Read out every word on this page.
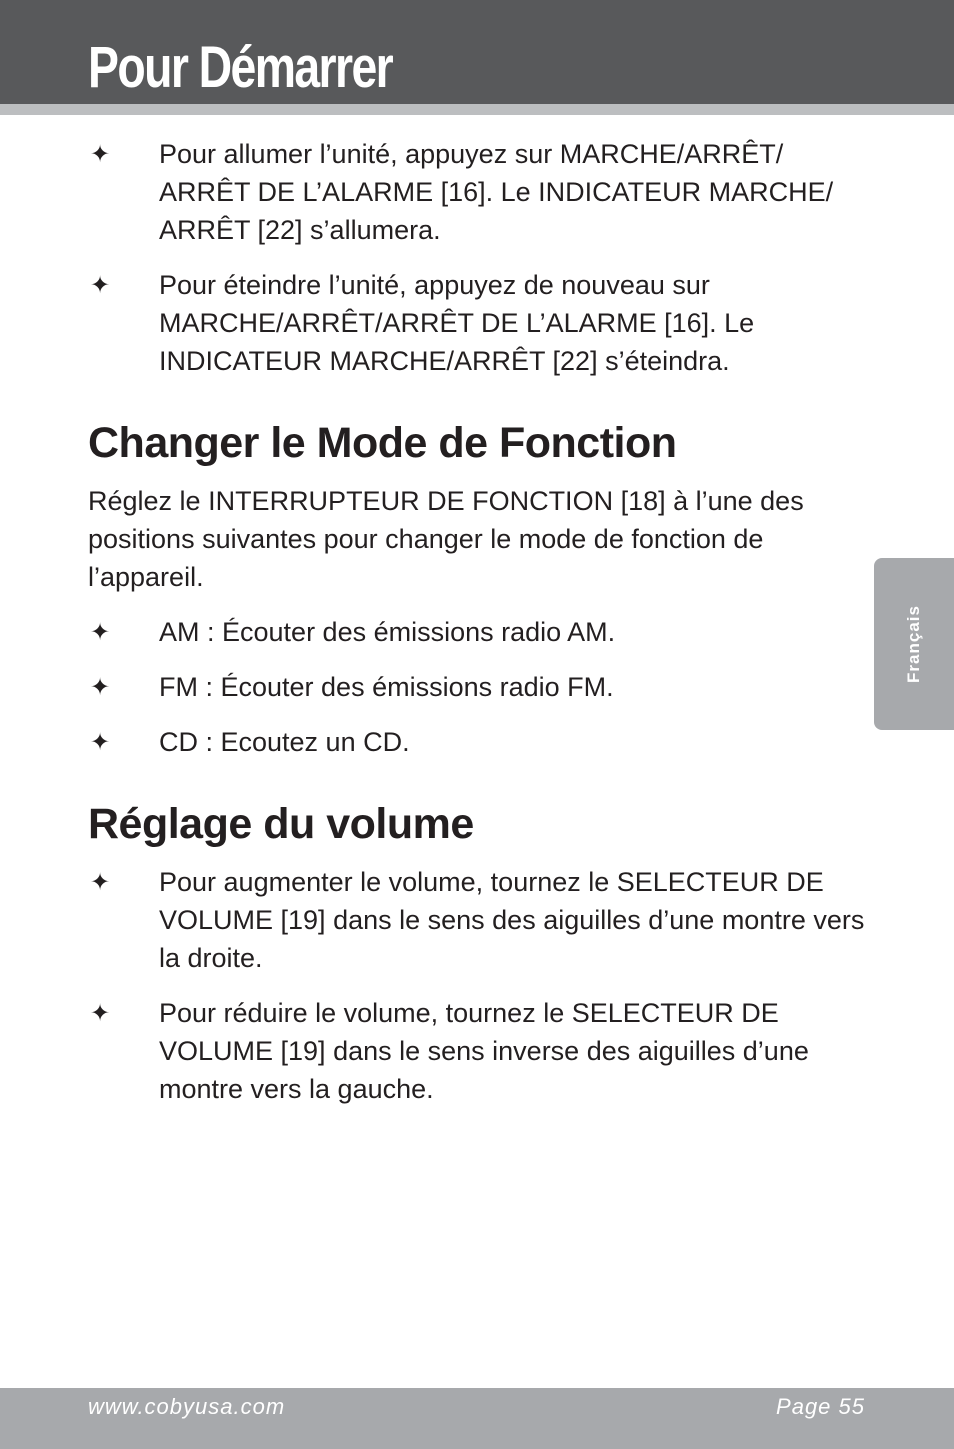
Pour Démarrer
✦ Pour allumer l’unité, appuyez sur MARCHE/ARRÊT/ ARRÊT DE L’ALARME [16]. Le INDICATEUR MARCHE/ ARRÊT [22] s’allumera.
✦ Pour éteindre l’unité, appuyez de nouveau sur MARCHE/ARRÊT/ARRÊT DE L’ALARME [16]. Le INDICATEUR MARCHE/ARRÊT [22] s’éteindra.
Changer le Mode de Fonction

Réglez le INTERRUPTEUR DE FONCTION [18] à l’une des positions suivantes pour changer le mode de fonction de l’appareil.

✦ AM : Écouter des émissions radio AM.
✦ FM : Écouter des émissions radio FM.
✦ CD : Ecoutez un CD.
Réglage du volume
✦ Pour augmenter le volume, tournez le SELECTEUR DE VOLUME [19] dans le sens des aiguilles d’une montre vers la droite.
✦ Pour réduire le volume, tournez le SELECTEUR DE VOLUME [19] dans le sens inverse des aiguilles d’une montre vers la gauche.
Français
www.cobyusa.com	Page 55
